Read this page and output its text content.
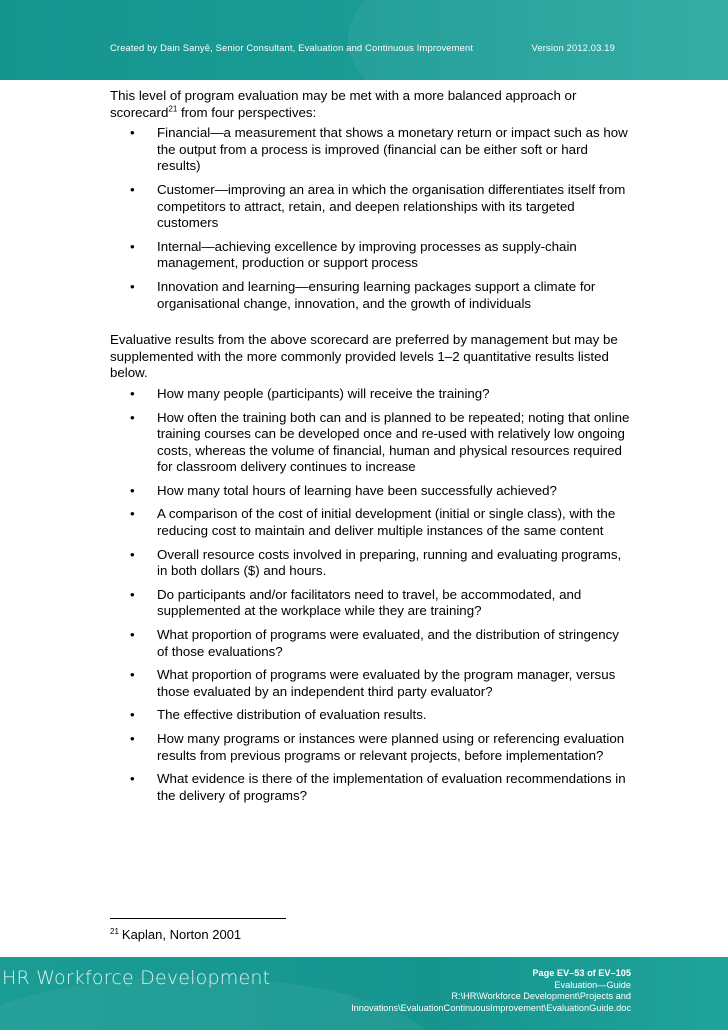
Created by Dain Sanyē, Senior Consultant, Evaluation and Continuous Improvement	Version 2012.03.19

This level of program evaluation may be met with a more balanced approach or scorecard$^{21}$ from four perspectives:

•	Financial—a measurement that shows a monetary return or impact such as how the output from a process is improved (financial can be either soft or hard results)
•	Customer—improving an area in which the organisation differentiates itself from competitors to attract, retain, and deepen relationships with its targeted customers
•	Internal—achieving excellence by improving processes as supply-chain management, production or support process
•	Innovation and learning—ensuring learning packages support a climate for organisational change, innovation, and the growth of individuals

Evaluative results from the above scorecard are preferred by management but may be supplemented with the more commonly provided levels 1–2 quantitative results listed below.

•	How many people (participants) will receive the training?
•	How often the training both can and is planned to be repeated; noting that online training courses can be developed once and re-used with relatively low ongoing costs, whereas the volume of financial, human and physical resources required for classroom delivery continues to increase
•	How many total hours of learning have been successfully achieved?
•	A comparison of the cost of initial development (initial or single class), with the reducing cost to maintain and deliver multiple instances of the same content
•	Overall resource costs involved in preparing, running and evaluating programs, in both dollars ($) and hours.
•	Do participants and/or facilitators need to travel, be accommodated, and supplemented at the workplace while they are training?
•	What proportion of programs were evaluated, and the distribution of stringency of those evaluations?
•	What proportion of programs were evaluated by the program manager, versus those evaluated by an independent third party evaluator?
•	The effective distribution of evaluation results.
•	How many programs or instances were planned using or referencing evaluation results from previous programs or relevant projects, before implementation?
•	What evidence is there of the implementation of evaluation recommendations in the delivery of programs?
$^{21}$ Kaplan, Norton 2001
HR Workforce Development	Page EV–53 of EV–105
Evaluation—Guide
R:\HR\Workforce Development\Projects and
Innovations\EvaluationContinuousImprovement\EvaluationGuide.doc
